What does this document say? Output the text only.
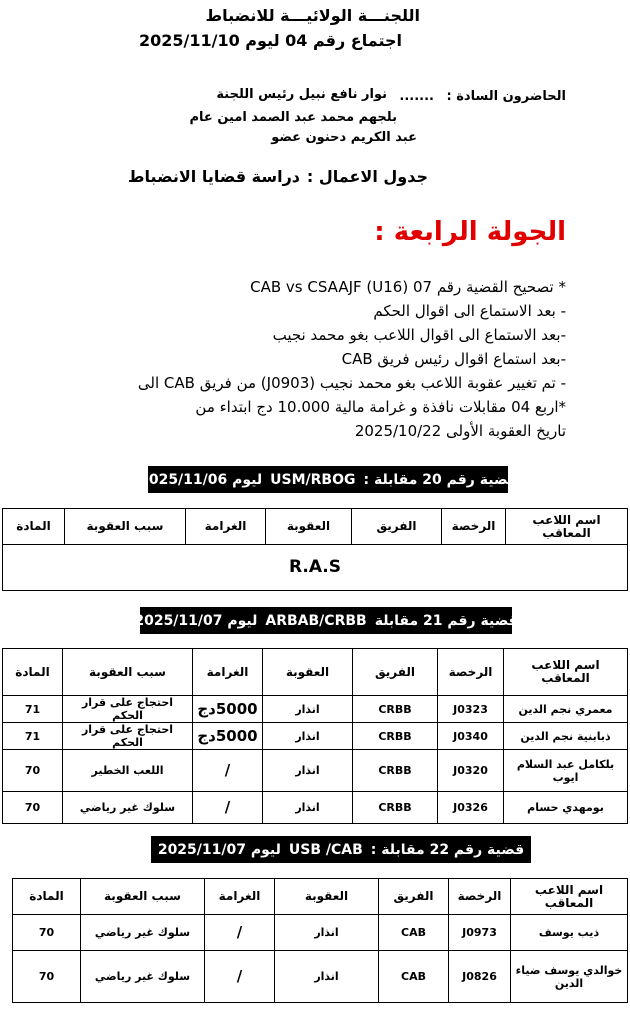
اللجنـــة الولائيـــة للانضباط
اجتماع رقم 04 ليوم 2025/11/10
الحاضرون السادة :
.......
نوار نافع نبيل رئيس اللجنة
بلجهم محمد عبد الصمد امين عام
عبد الكريم دحنون عضو
جدول الاعمال :
دراسة قضايا الانضباط
الجولة الرابعة :
* تصحيح القضية رقم 07 CAB vs CSAAJF (U16)
- بعد الاستماع الى اقوال الحكم
-بعد الاستماع الى اقوال اللاعب بغو محمد نجيب
-بعد استماع اقوال رئيس فريق CAB
- تم تغيير عقوبة اللاعب بغو محمد نجيب (J0903) من فريق CAB الى
*اربع 04 مقابلات نافذة و غرامة مالية 10.000 دج ابتداء من
تاريخ العقوبة الأولى 2025/10/22
قضية رقم 20 مقابلة :
USM/RBOG
ليوم 2025/11/06
اسم اللاعب المعاقب	الرخصة	الفريق	العقوبة	الغرامة	سبب العقوبة	المادة
R.A.S
قضية رقم 21 مقابلة
ARBAB/CRBB
ليوم 2025/11/07
اسم اللاعب المعاقب	الرخصة	الفريق	العقوبة	الغرامة	سبب العقوبة	المادة
معمري نجم الدين	J0323	CRBB	انذار	5000دج	احتجاج على قرار الحكم	71
ذبابنية نجم الدين	J0340	CRBB	انذار	5000دج	احتجاج على قرار الحكم	71
بلكامل عبد السلام ايوب	J0320	CRBB	انذار	/	اللعب الخطير	70
بومهدي حسام	J0326	CRBB	انذار	/	سلوك غير رياضي	70
قضية رقم 22 مقابلة :
USB /CAB
ليوم 2025/11/07
اسم اللاعب المعاقب	الرخصة	الفريق	العقوبة	الغرامة	سبب العقوبة	المادة
ذيب يوسف	J0973	CAB	انذار	/	سلوك غير رياضي	70
خوالدي يوسف ضياء الدين	J0826	CAB	انذار	/	سلوك غير رياضي	70
